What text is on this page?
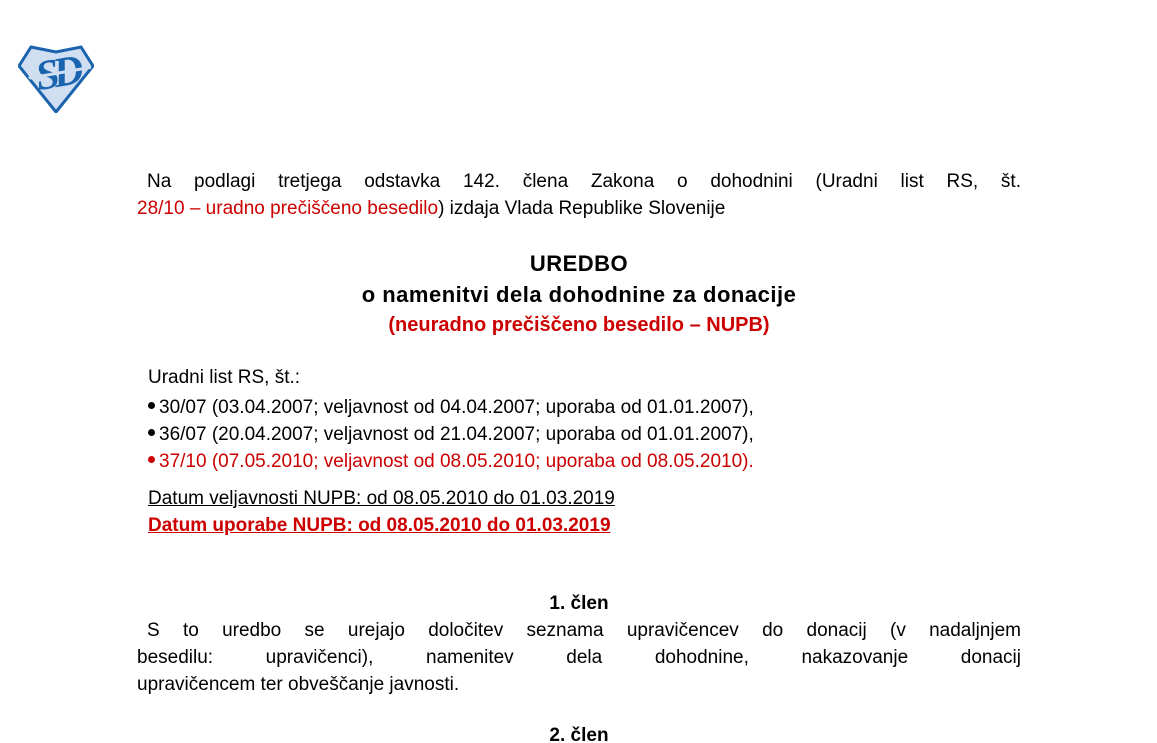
Na podlagi tretjega odstavka 142. člena Zakona o dohodnini (Uradni list RS, št.
28/10 – uradno prečiščeno besedilo) izdaja Vlada Republike Slovenije
UREDBO
o namenitvi dela dohodnine za donacije
(neuradno prečiščeno besedilo – NUPB)
Uradni list RS, št.:
30/07 (03.04.2007; veljavnost od 04.04.2007; uporaba od 01.01.2007),
36/07 (20.04.2007; veljavnost od 21.04.2007; uporaba od 01.01.2007),
37/10 (07.05.2010; veljavnost od 08.05.2010; uporaba od 08.05.2010).
Datum veljavnosti NUPB: od 08.05.2010 do 01.03.2019
Datum uporabe NUPB: od 08.05.2010 do 01.03.2019
1. člen
S to uredbo se urejajo določitev seznama upravičencev do donacij (v nadaljnjem
besedilu: upravičenci), namenitev dela dohodnine, nakazovanje donacij
upravičencem ter obveščanje javnosti.
2. člen
